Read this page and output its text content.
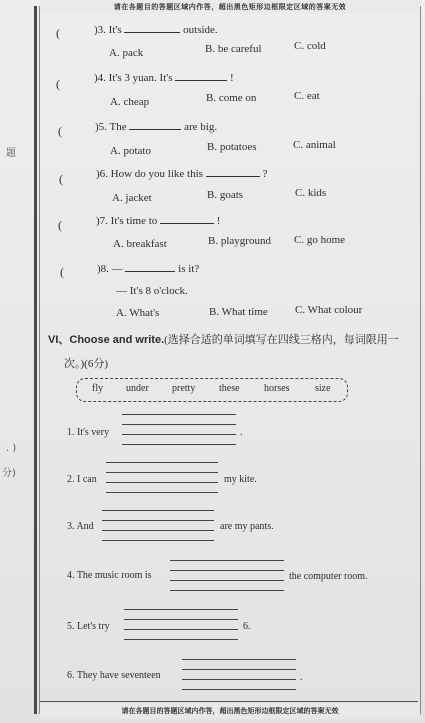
请在各题目的答题区域内作答，超出黑色矩形边框限定区域的答案无效
题
. )
分)
(	)3. It's	outside.
A. pack	B. be careful	C. cold
(	)4. It's 3 yuan. It's	!
A. cheap	B. come on	C. eat
(	)5. The	are big.
A. potato	B. potatoes	C. animal
(	)6. How do you like this	?
A. jacket	B. goats	C. kids
(	)7. It's time to	!
A. breakfast	B. playground C. go home
(	)8. —	is it?
— It's 8 o'clock.
A. What's	B. What time C. What colour
VI、Choose and write.(选择合适的单词填写在四线三格内，每词限用一
次。)(6分)
fly under pretty these horses	size
1. It's very	.
2. I can	my kite.
3. And	are my pants.
4. The music room is	the computer room.
5. Let's try	6.
6. They have seventeen	.
请在各题目的答题区域内作答，超出黑色矩形边框限定区域的答案无效
